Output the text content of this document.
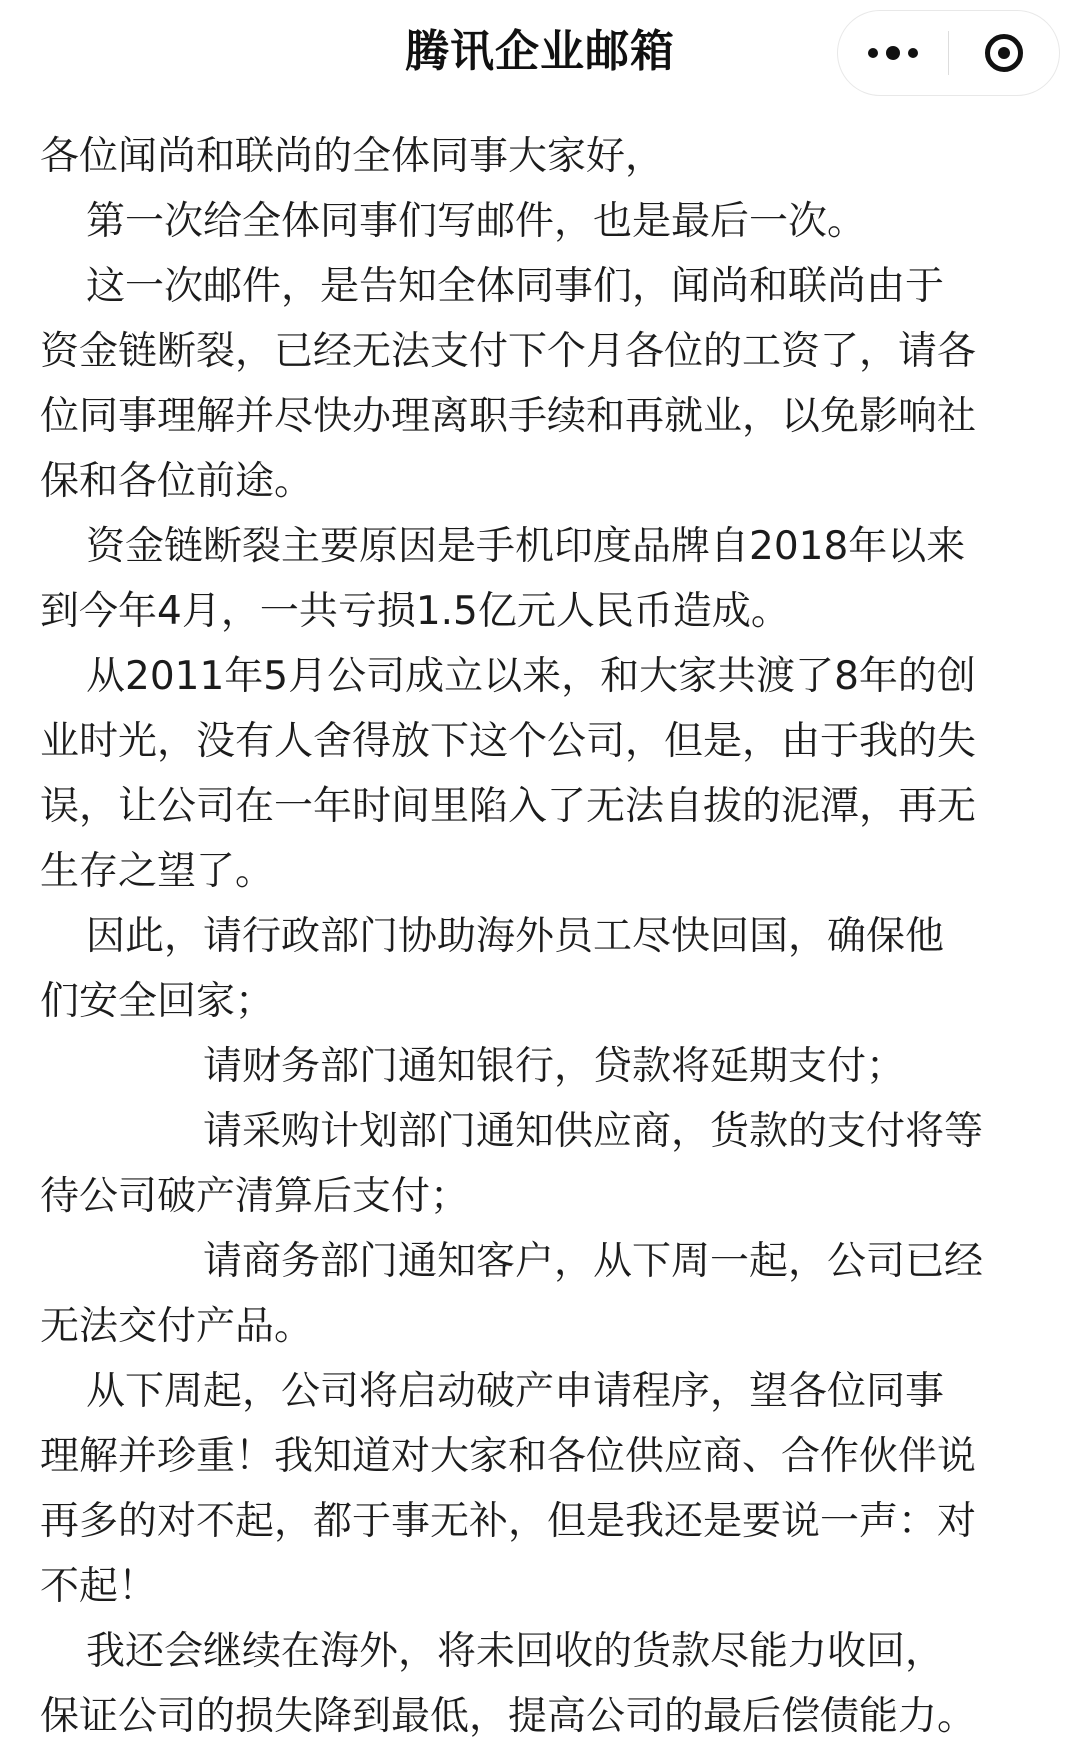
腾讯企业邮箱
各位闻尚和联尚的全体同事大家好，
第一次给全体同事们写邮件，也是最后一次。
这一次邮件，是告知全体同事们，闻尚和联尚由于
资金链断裂，已经无法支付下个月各位的工资了，请各
位同事理解并尽快办理离职手续和再就业，以免影响社
保和各位前途。
资金链断裂主要原因是手机印度品牌自2018年以来
到今年4月，一共亏损1.5亿元人民币造成。
从2011年5月公司成立以来，和大家共渡了8年的创
业时光，没有人舍得放下这个公司，但是，由于我的失
误，让公司在一年时间里陷入了无法自拔的泥潭，再无
生存之望了。
因此，请行政部门协助海外员工尽快回国，确保他
们安全回家；
请财务部门通知银行，贷款将延期支付；
请采购计划部门通知供应商，货款的支付将等
待公司破产清算后支付；
请商务部门通知客户，从下周一起，公司已经
无法交付产品。
从下周起，公司将启动破产申请程序，望各位同事
理解并珍重！我知道对大家和各位供应商、合作伙伴说
再多的对不起，都于事无补，但是我还是要说一声：对
不起！
我还会继续在海外，将未回收的货款尽能力收回，
保证公司的损失降到最低，提高公司的最后偿债能力。
